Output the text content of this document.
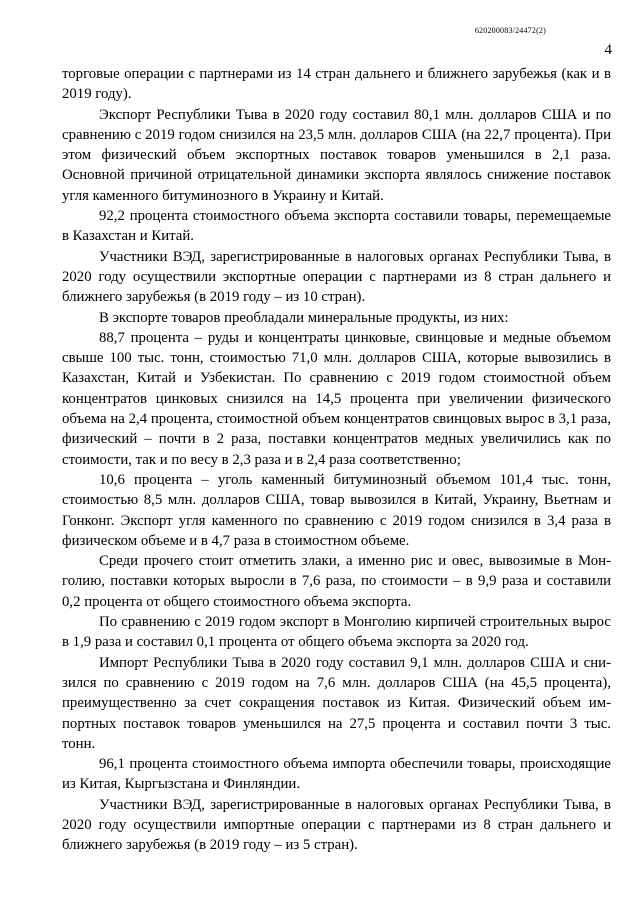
620200083/24472(2)
4

торговые операции с партнерами из 14 стран дальнего и ближнего зарубежья (как и в 2019 году).

Экспорт Республики Тыва в 2020 году составил 80,1 млн. долларов США и по сравнению с 2019 годом снизился на 23,5 млн. долларов США (на 22,7 процента). При этом физический объем экспортных поставок товаров уменьшился в 2,1 раза. Основной причиной отрицательной динамики экспорта являлось снижение поставок угля каменного битуминозного в Украину и Китай.

92,2 процента стоимостного объема экспорта составили товары, перемещаемые в Казахстан и Китай.

Участники ВЭД, зарегистрированные в налоговых органах Республики Тыва, в 2020 году осуществили экспортные операции с партнерами из 8 стран дальнего и ближнего зарубежья (в 2019 году – из 10 стран).

В экспорте товаров преобладали минеральные продукты, из них:

88,7 процента – руды и концентраты цинковые, свинцовые и медные объемом свыше 100 тыс. тонн, стоимостью 71,0 млн. долларов США, которые вывозились в Казахстан, Китай и Узбекистан. По сравнению с 2019 годом стоимостной объем концентратов цинковых снизился на 14,5 процента при увеличении физического объема на 2,4 процента, стоимостной объем концентратов свинцовых вырос в 3,1 раза, физический – почти в 2 раза, поставки концентратов медных увеличились как по стоимости, так и по весу в 2,3 раза и в 2,4 раза соответственно;

10,6 процента – уголь каменный битуминозный объемом 101,4 тыс. тонн, стоимостью 8,5 млн. долларов США, товар вывозился в Китай, Украину, Вьетнам и Гонконг. Экспорт угля каменного по сравнению с 2019 годом снизился в 3,4 раза в физическом объеме и в 4,7 раза в стоимостном объеме.

Среди прочего стоит отметить злаки, а именно рис и овес, вывозимые в Монголию, поставки которых выросли в 7,6 раза, по стоимости – в 9,9 раза и составили 0,2 процента от общего стоимостного объема экспорта.

По сравнению с 2019 годом экспорт в Монголию кирпичей строительных вырос в 1,9 раза и составил 0,1 процента от общего объема экспорта за 2020 год.

Импорт Республики Тыва в 2020 году составил 9,1 млн. долларов США и снизился по сравнению с 2019 годом на 7,6 млн. долларов США (на 45,5 процента), преимущественно за счет сокращения поставок из Китая. Физический объем импортных поставок товаров уменьшился на 27,5 процента и составил почти 3 тыс. тонн.

96,1 процента стоимостного объема импорта обеспечили товары, происходящие из Китая, Кыргызстана и Финляндии.

Участники ВЭД, зарегистрированные в налоговых органах Республики Тыва, в 2020 году осуществили импортные операции с партнерами из 8 стран дальнего и ближнего зарубежья (в 2019 году – из 5 стран).
